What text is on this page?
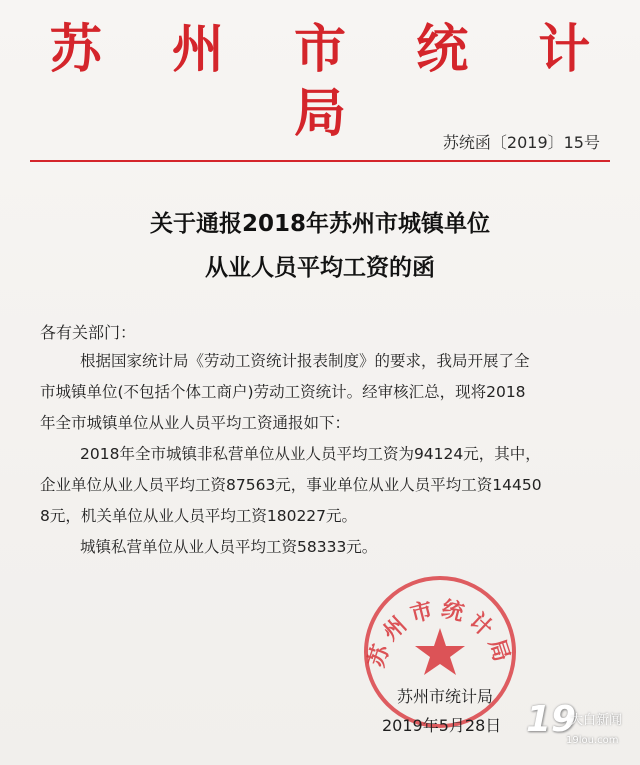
苏 州 市 统 计 局	苏统函〔2019〕15号
关于通报2018年苏州市城镇单位
从业人员平均工资的函
各有关部门：
根据国家统计局《劳动工资统计报表制度》的要求，我局开展了全
市城镇单位(不包括个体工商户)劳动工资统计。经审核汇总，现将2018
年全市城镇单位从业人员平均工资通报如下：
2018年全市城镇非私营单位从业人员平均工资为94124元，其中，
企业单位从业人员平均工资87563元，事业单位从业人员平均工资14450
8元，机关单位从业人员平均工资180227元。
城镇私营单位从业人员平均工资58333元。
苏州市统计局
苏州市统计局
2019年5月28日 19
大白新闻
19lou.com
